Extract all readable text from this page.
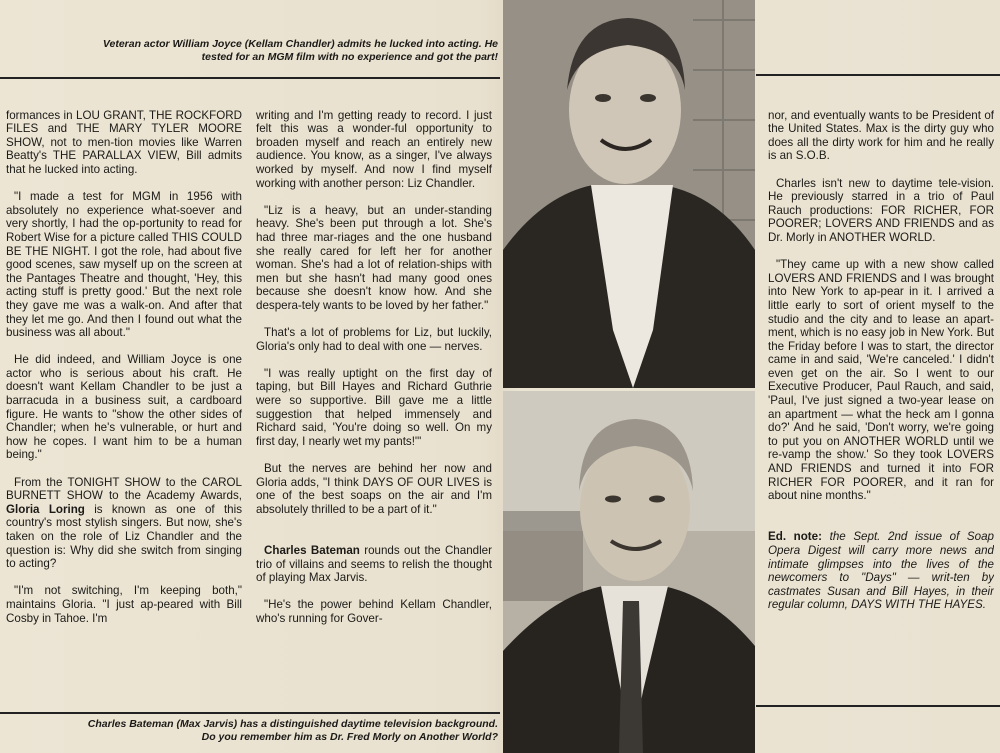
Veteran actor William Joyce (Kellam Chandler) admits he lucked into acting. He
tested for an MGM film with no experience and got the part!

formances in LOU GRANT, THE ROCKFORD FILES and THE MARY TYLER MOORE SHOW, not to men-tion movies like Warren Beatty's THE PARALLAX VIEW, Bill admits that he lucked into acting.

"I made a test for MGM in 1956 with absolutely no experience what-soever and very shortly, I had the op-portunity to read for Robert Wise for a picture called THIS COULD BE THE NIGHT. I got the role, had about five good scenes, saw myself up on the screen at the Pantages Theatre and thought, 'Hey, this acting stuff is pretty good.' But the next role they gave me was a walk-on. And after that they let me go. And then I found out what the business was all about."

He did indeed, and William Joyce is one actor who is serious about his craft. He doesn't want Kellam Chandler to be just a barracuda in a business suit, a cardboard figure. He wants to "show the other sides of Chandler; when he's vulnerable, or hurt and how he copes. I want him to be a human being."

From the TONIGHT SHOW to the CAROL BURNETT SHOW to the Academy Awards, Gloria Loring is known as one of this country's most stylish singers. But now, she's taken on the role of Liz Chandler and the question is: Why did she switch from singing to acting?

"I'm not switching, I'm keeping both," maintains Gloria. "I just ap-peared with Bill Cosby in Tahoe. I'm

writing and I'm getting ready to record. I just felt this was a wonder-ful opportunity to broaden myself and reach an entirely new audience. You know, as a singer, I've always worked by myself. And now I find myself working with another person: Liz Chandler.

"Liz is a heavy, but an under-standing heavy. She's been put through a lot. She's had three mar-riages and the one husband she really cared for left her for another woman. She's had a lot of relation-ships with men but she hasn't had many good ones because she doesn't know how. And she despera-tely wants to be loved by her father."

That's a lot of problems for Liz, but luckily, Gloria's only had to deal with one — nerves.

"I was really uptight on the first day of taping, but Bill Hayes and Richard Guthrie were so supportive. Bill gave me a little suggestion that helped immensely and Richard said, 'You're doing so well. On my first day, I nearly wet my pants!'"

But the nerves are behind her now and Gloria adds, "I think DAYS OF OUR LIVES is one of the best soaps on the air and I'm absolutely thrilled to be a part of it."

Charles Bateman rounds out the Chandler trio of villains and seems to relish the thought of playing Max Jarvis.

"He's the power behind Kellam Chandler, who's running for Gover-

nor, and eventually wants to be President of the United States. Max is the dirty guy who does all the dirty work for him and he really is an S.O.B.

Charles isn't new to daytime tele-vision. He previously starred in a trio of Paul Rauch productions: FOR RICHER, FOR POORER; LOVERS AND FRIENDS and as Dr. Morly in ANOTHER WORLD.

"They came up with a new show called LOVERS AND FRIENDS and I was brought into New York to ap-pear in it. I arrived a little early to sort of orient myself to the studio and the city and to lease an apart-ment, which is no easy job in New York. But the Friday before I was to start, the director came in and said, 'We're canceled.' I didn't even get on the air. So I went to our Executive Producer, Paul Rauch, and said, 'Paul, I've just signed a two-year lease on an apartment — what the heck am I gonna do?' And he said, 'Don't worry, we're going to put you on ANOTHER WORLD until we re-vamp the show.' So they took LOVERS AND FRIENDS and turned it into FOR RICHER FOR POORER, and it ran for about nine months."

Ed. note: the Sept. 2nd issue of Soap Opera Digest will carry more news and intimate glimpses into the lives of the newcomers to "Days" — writ-ten by castmates Susan and Bill Hayes, in their regular column, DAYS WITH THE HAYES.

Charles Bateman (Max Jarvis) has a distinguished daytime television background.
Do you remember him as Dr. Fred Morly on Another World?
